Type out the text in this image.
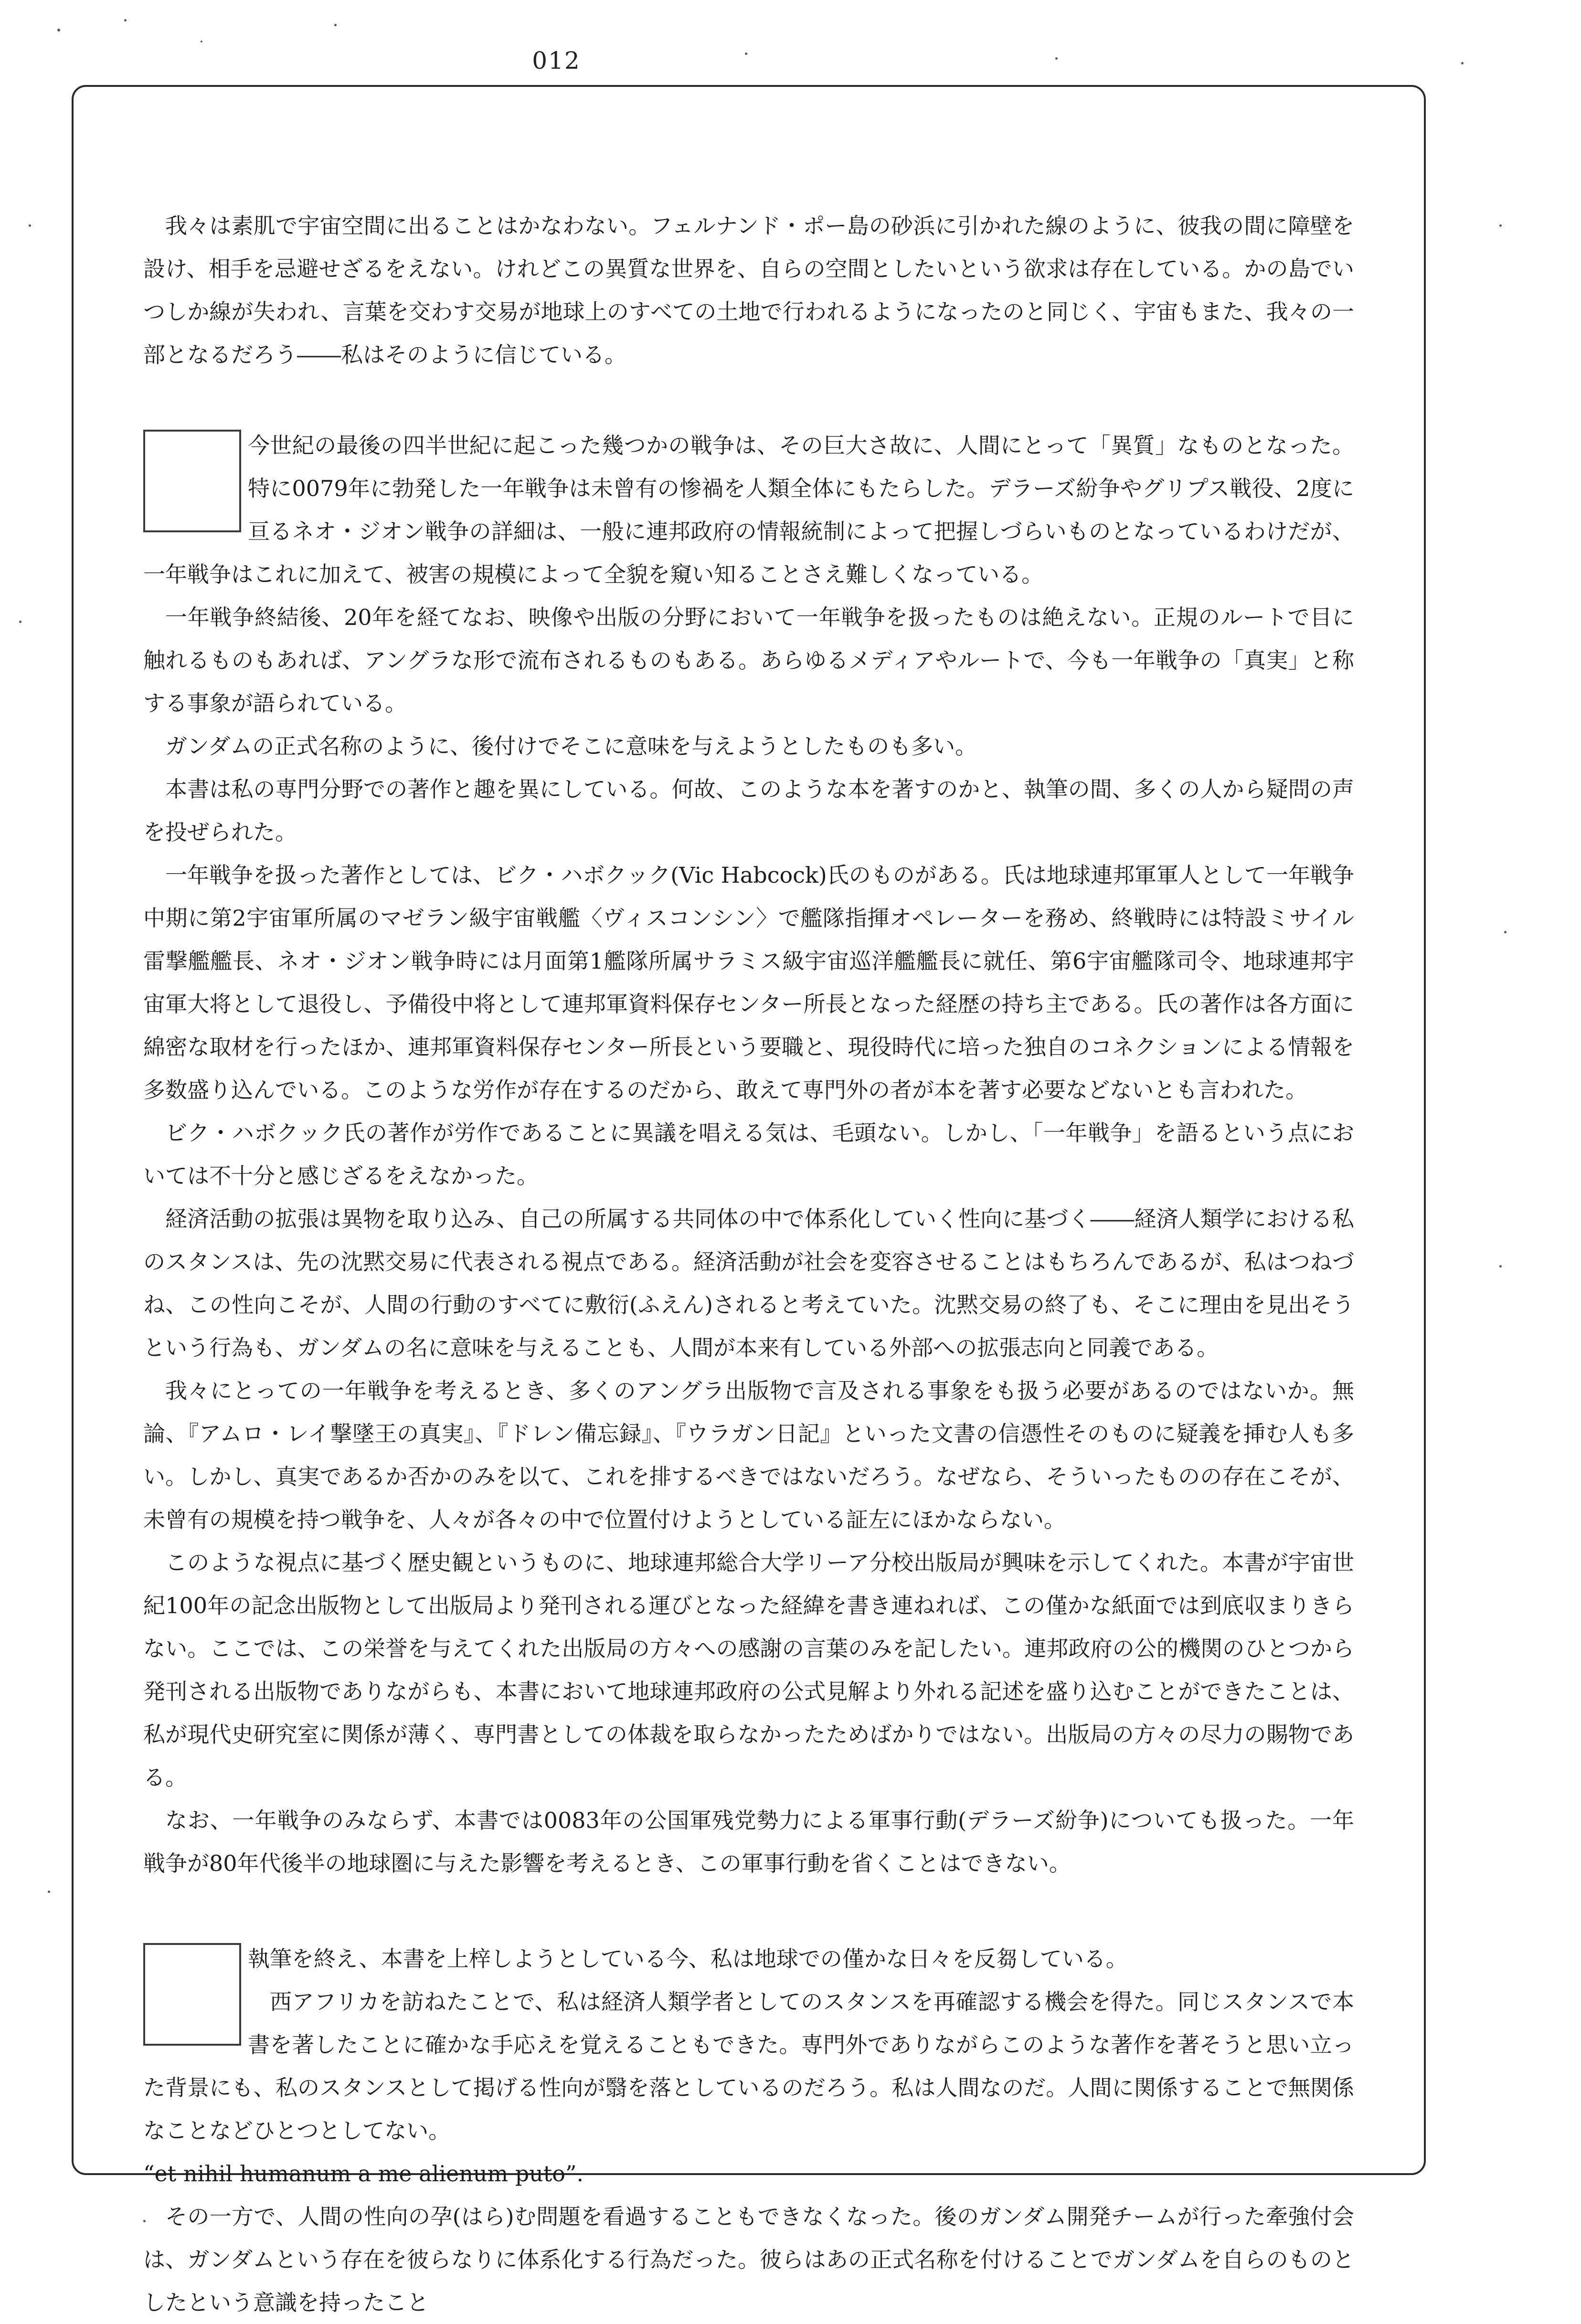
012

我々は素肌で宇宙空間に出ることはかなわない。フェルナンド・ポー島の砂浜に引かれた線のように、彼我の間に障壁を設け、相手を忌避せざるをえない。けれどこの異質な世界を、自らの空間としたいという欲求は存在している。かの島でいつしか線が失われ、言葉を交わす交易が地球上のすべての土地で行われるようになったのと同じく、宇宙もまた、我々の一部となるだろう――私はそのように信じている。

今世紀の最後の四半世紀に起こった幾つかの戦争は、その巨大さ故に、人間にとって「異質」なものとなった。特に0079年に勃発した一年戦争は未曾有の惨禍を人類全体にもたらした。デラーズ紛争やグリプス戦役、2度に亘るネオ・ジオン戦争の詳細は、一般に連邦政府の情報統制によって把握しづらいものとなっているわけだが、一年戦争はこれに加えて、被害の規模によって全貌を窺い知ることさえ難しくなっている。

一年戦争終結後、20年を経てなお、映像や出版の分野において一年戦争を扱ったものは絶えない。正規のルートで目に触れるものもあれば、アングラな形で流布されるものもある。あらゆるメディアやルートで、今も一年戦争の「真実」と称する事象が語られている。

ガンダムの正式名称のように、後付けでそこに意味を与えようとしたものも多い。

本書は私の専門分野での著作と趣を異にしている。何故、このような本を著すのかと、執筆の間、多くの人から疑問の声を投ぜられた。

一年戦争を扱った著作としては、ビク・ハボクック(Vic Habcock)氏のものがある。氏は地球連邦軍軍人として一年戦争中期に第2宇宙軍所属のマゼラン級宇宙戦艦〈ヴィスコンシン〉で艦隊指揮オペレーターを務め、終戦時には特設ミサイル雷撃艦艦長、ネオ・ジオン戦争時には月面第1艦隊所属サラミス級宇宙巡洋艦艦長に就任、第6宇宙艦隊司令、地球連邦宇宙軍大将として退役し、予備役中将として連邦軍資料保存センター所長となった経歴の持ち主である。氏の著作は各方面に綿密な取材を行ったほか、連邦軍資料保存センター所長という要職と、現役時代に培った独自のコネクションによる情報を多数盛り込んでいる。このような労作が存在するのだから、敢えて専門外の者が本を著す必要などないとも言われた。

ビク・ハボクック氏の著作が労作であることに異議を唱える気は、毛頭ない。しかし、「一年戦争」を語るという点においては不十分と感じざるをえなかった。

経済活動の拡張は異物を取り込み、自己の所属する共同体の中で体系化していく性向に基づく――経済人類学における私のスタンスは、先の沈黙交易に代表される視点である。経済活動が社会を変容させることはもちろんであるが、私はつねづね、この性向こそが、人間の行動のすべてに敷衍(ふえん)されると考えていた。沈黙交易の終了も、そこに理由を見出そうという行為も、ガンダムの名に意味を与えることも、人間が本来有している外部への拡張志向と同義である。

我々にとっての一年戦争を考えるとき、多くのアングラ出版物で言及される事象をも扱う必要があるのではないか。無論、『アムロ・レイ撃墜王の真実』、『ドレン備忘録』、『ウラガン日記』といった文書の信憑性そのものに疑義を挿む人も多い。しかし、真実であるか否かのみを以て、これを排するべきではないだろう。なぜなら、そういったものの存在こそが、未曾有の規模を持つ戦争を、人々が各々の中で位置付けようとしている証左にほかならない。

このような視点に基づく歴史観というものに、地球連邦総合大学リーア分校出版局が興味を示してくれた。本書が宇宙世紀100年の記念出版物として出版局より発刊される運びとなった経緯を書き連ねれば、この僅かな紙面では到底収まりきらない。ここでは、この栄誉を与えてくれた出版局の方々への感謝の言葉のみを記したい。連邦政府の公的機関のひとつから発刊される出版物でありながらも、本書において地球連邦政府の公式見解より外れる記述を盛り込むことができたことは、私が現代史研究室に関係が薄く、専門書としての体裁を取らなかったためばかりではない。出版局の方々の尽力の賜物である。

なお、一年戦争のみならず、本書では0083年の公国軍残党勢力による軍事行動(デラーズ紛争)についても扱った。一年戦争が80年代後半の地球圏に与えた影響を考えるとき、この軍事行動を省くことはできない。

執筆を終え、本書を上梓しようとしている今、私は地球での僅かな日々を反芻している。

西アフリカを訪ねたことで、私は経済人類学者としてのスタンスを再確認する機会を得た。同じスタンスで本書を著したことに確かな手応えを覚えることもできた。専門外でありながらこのような著作を著そうと思い立った背景にも、私のスタンスとして掲げる性向が翳を落としているのだろう。私は人間なのだ。人間に関係することで無関係なことなどひとつとしてない。

“et nihil humanum a me alienum puto”.

その一方で、人間の性向の孕(はら)む問題を看過することもできなくなった。後のガンダム開発チームが行った牽強付会は、ガンダムという存在を彼らなりに体系化する行為だった。彼らはあの正式名称を付けることでガンダムを自らのものとしたという意識を持ったこと
